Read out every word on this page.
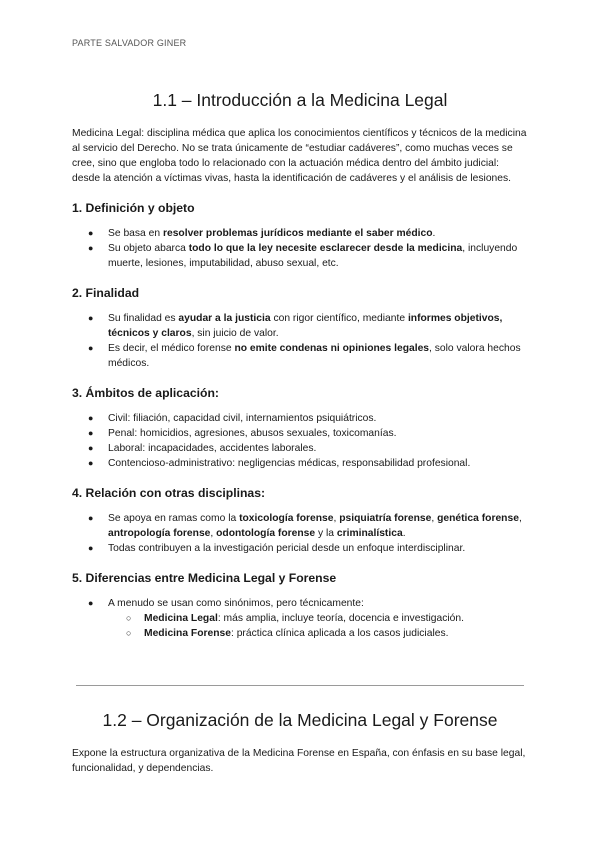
PARTE SALVADOR GINER
1.1 – Introducción a la Medicina Legal

Medicina Legal: disciplina médica que aplica los conocimientos científicos y técnicos de la medicina al servicio del Derecho. No se trata únicamente de “estudiar cadáveres”, como muchas veces se cree, sino que engloba todo lo relacionado con la actuación médica dentro del ámbito judicial: desde la atención a víctimas vivas, hasta la identificación de cadáveres y el análisis de lesiones.

1. Definición y objeto
● Se basa en resolver problemas jurídicos mediante el saber médico.
● Su objeto abarca todo lo que la ley necesite esclarecer desde la medicina, incluyendo muerte, lesiones, imputabilidad, abuso sexual, etc.
2. Finalidad
● Su finalidad es ayudar a la justicia con rigor científico, mediante informes objetivos, técnicos y claros, sin juicio de valor.
● Es decir, el médico forense no emite condenas ni opiniones legales, solo valora hechos médicos.
3. Ámbitos de aplicación:
● Civil: filiación, capacidad civil, internamientos psiquiátricos.
● Penal: homicidios, agresiones, abusos sexuales, toxicomanías.
● Laboral: incapacidades, accidentes laborales.
● Contencioso-administrativo: negligencias médicas, responsabilidad profesional.
4. Relación con otras disciplinas:
● Se apoya en ramas como la toxicología forense, psiquiatría forense, genética forense, antropología forense, odontología forense y la criminalística.
● Todas contribuyen a la investigación pericial desde un enfoque interdisciplinar.
5. Diferencias entre Medicina Legal y Forense
● A menudo se usan como sinónimos, pero técnicamente:
○ Medicina Legal: más amplia, incluye teoría, docencia e investigación.
○ Medicina Forense: práctica clínica aplicada a los casos judiciales.
1.2 – Organización de la Medicina Legal y Forense

Expone la estructura organizativa de la Medicina Forense en España, con énfasis en su base legal, funcionalidad, y dependencias.
